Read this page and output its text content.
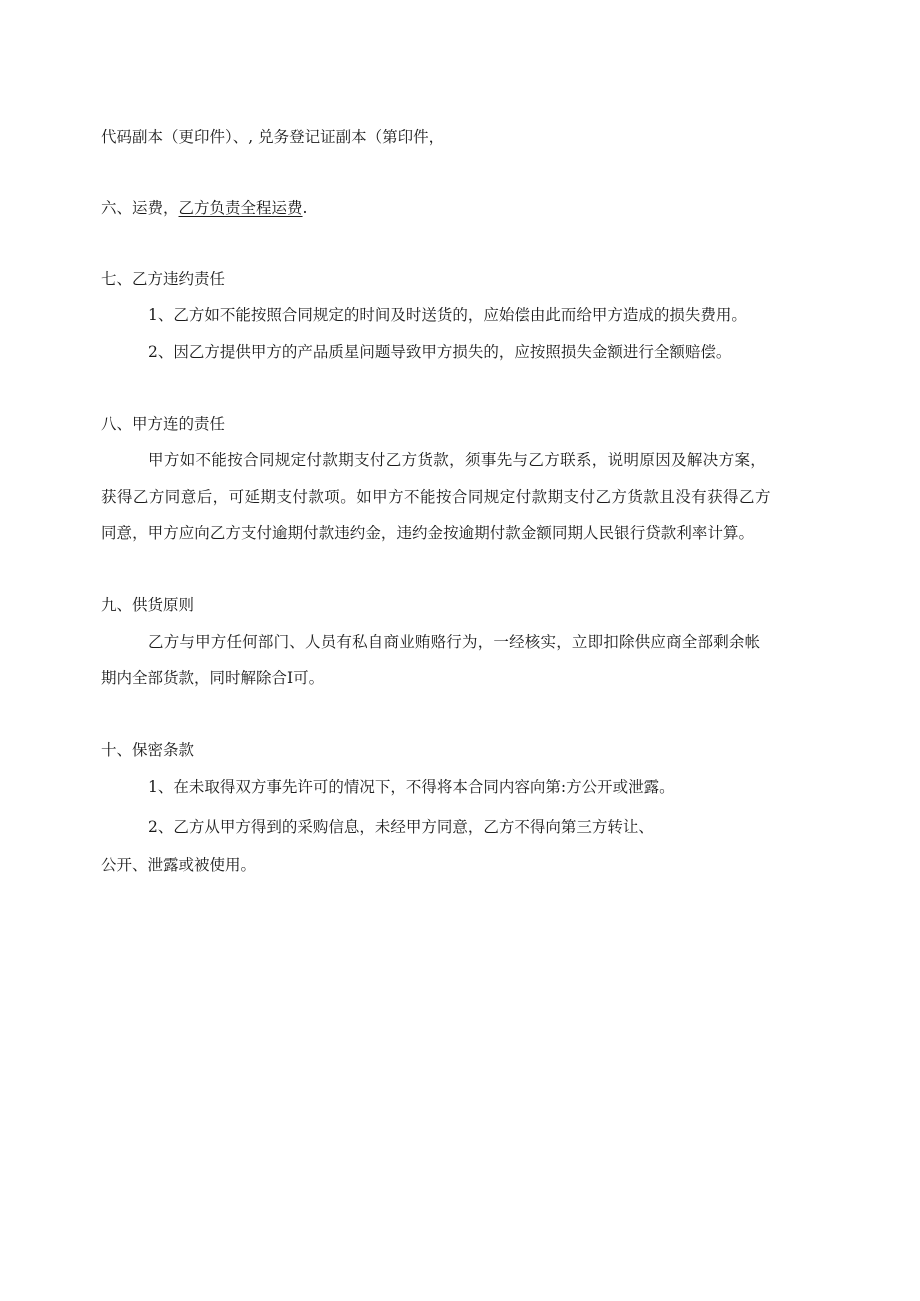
代码副本（更印件）、, 兑务登记证副本（第印件，
六、运费，乙方负责全程运费.
七、乙方违约责任
1、乙方如不能按照合同规定的时间及时送货的，应始偿由此而给甲方造成的损失费用。
2、因乙方提供甲方的产品质星问题导致甲方损失的，应按照损失金额进行全额赔偿。
八、甲方连的责任
甲方如不能按合同规定付款期支付乙方货款，须事先与乙方联系，说明原因及解决方案，
获得乙方同意后，可延期支付款项。如甲方不能按合同规定付款期支付乙方货款且没有获得乙方
同意，甲方应向乙方支付逾期付款违约金，违约金按逾期付款金额同期人民银行贷款利率计算。
九、供货原则
乙方与甲方任何部门、人员有私自商业贿赂行为，一经核实，立即扣除供应商全部剩余帐
期内全部货款，同时解除合I可。
十、保密条款
1、在未取得双方事先许可的情况下，不得将本合同内容向第:方公开或泄露。
2、乙方从甲方得到的采购信息，未经甲方同意，乙方不得向第三方转让、
公开、泄露或被使用。
